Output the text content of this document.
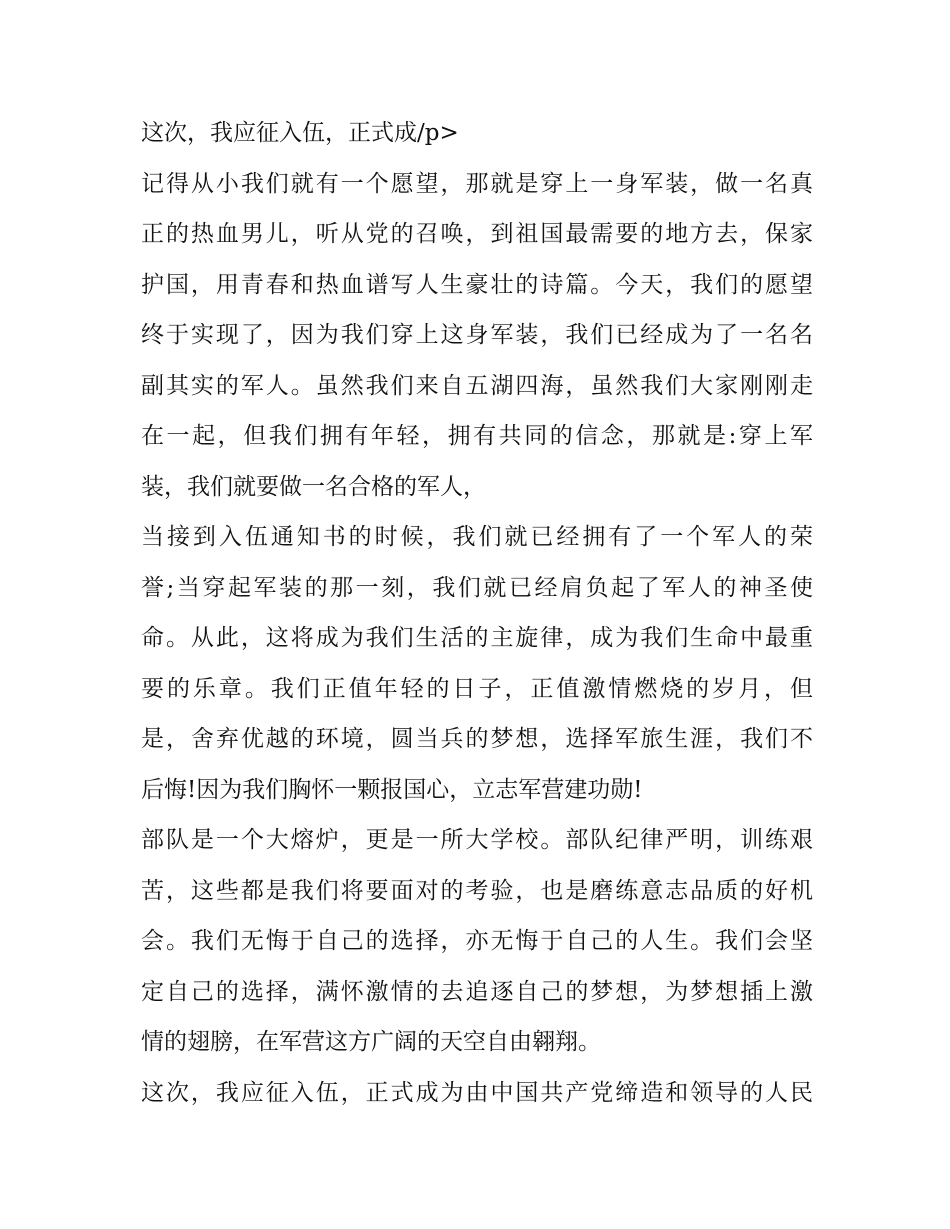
这次，我应征入伍，正式成/p>
记得从小我们就有一个愿望，那就是穿上一身军装，做一名真
正的热血男儿，听从党的召唤，到祖国最需要的地方去，保家
护国，用青春和热血谱写人生豪壮的诗篇。今天，我们的愿望
终于实现了，因为我们穿上这身军装，我们已经成为了一名名
副其实的军人。虽然我们来自五湖四海，虽然我们大家刚刚走
在一起，但我们拥有年轻，拥有共同的信念，那就是:穿上军
装，我们就要做一名合格的军人，
当接到入伍通知书的时候，我们就已经拥有了一个军人的荣
誉;当穿起军装的那一刻，我们就已经肩负起了军人的神圣使
命。从此，这将成为我们生活的主旋律，成为我们生命中最重
要的乐章。我们正值年轻的日子，正值激情燃烧的岁月，但
是，舍弃优越的环境，圆当兵的梦想，选择军旅生涯，我们不
后悔!因为我们胸怀一颗报国心，立志军营建功勋!
部队是一个大熔炉，更是一所大学校。部队纪律严明，训练艰
苦，这些都是我们将要面对的考验，也是磨练意志品质的好机
会。我们无悔于自己的选择，亦无悔于自己的人生。我们会坚
定自己的选择，满怀激情的去追逐自己的梦想，为梦想插上激
情的翅膀，在军营这方广阔的天空自由翱翔。
这次，我应征入伍，正式成为由中国共产党缔造和领导的人民
